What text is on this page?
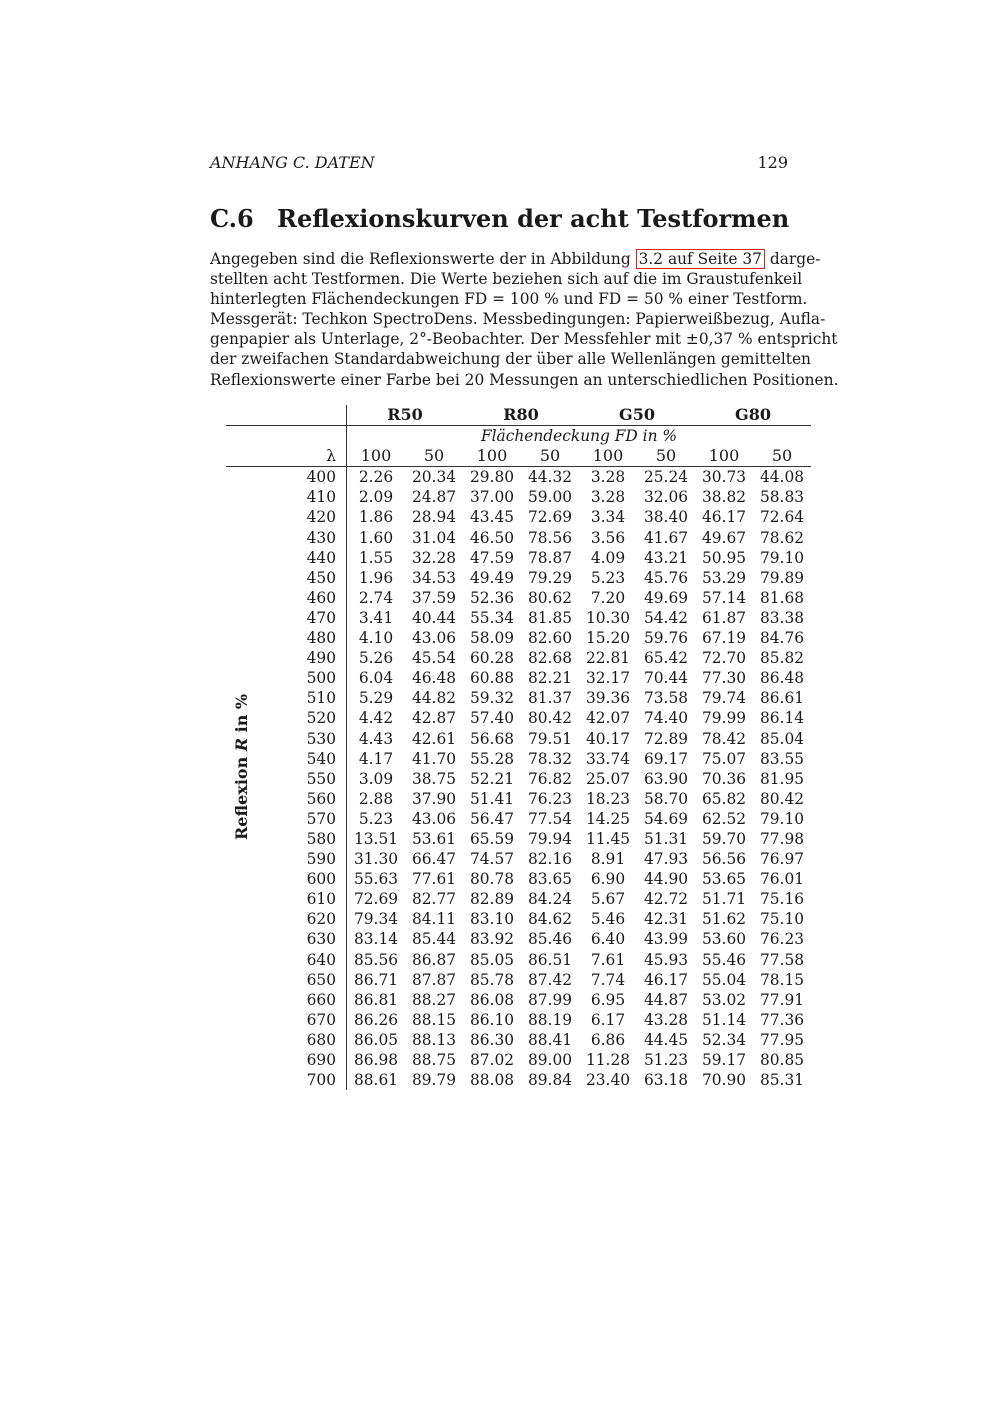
ANHANG C. DATEN	129
C.6 Reflexionskurven der acht Testformen
Angegeben sind die Reflexionswerte der in Abbildung 3.2 auf Seite 37 darge-
stellten acht Testformen. Die Werte beziehen sich auf die im Graustufenkeil
hinterlegten Flächendeckungen FD = 100 % und FD = 50 % einer Testform.
Messgerät: Techkon SpectroDens. Messbedingungen: Papierweißbezug, Aufla-
genpapier als Unterlage, 2°-Beobachter. Der Messfehler mit ±0,37 % entspricht
der zweifachen Standardabweichung der über alle Wellenlängen gemittelten
Reflexionswerte einer Farbe bei 20 Messungen an unterschiedlichen Positionen.
		R50		R80		G50		G80	
		Flächendeckung FD in %							
	λ	100	50	100	50	100	50	100	50
	400	2.26	20.34	29.80	44.32	3.28	25.24	30.73	44.08
	410	2.09	24.87	37.00	59.00	3.28	32.06	38.82	58.83
	420	1.86	28.94	43.45	72.69	3.34	38.40	46.17	72.64
	430	1.60	31.04	46.50	78.56	3.56	41.67	49.67	78.62
	440	1.55	32.28	47.59	78.87	4.09	43.21	50.95	79.10
	450	1.96	34.53	49.49	79.29	5.23	45.76	53.29	79.89
	460	2.74	37.59	52.36	80.62	7.20	49.69	57.14	81.68
	470	3.41	40.44	55.34	81.85	10.30	54.42	61.87	83.38
	480	4.10	43.06	58.09	82.60	15.20	59.76	67.19	84.76
	490	5.26	45.54	60.28	82.68	22.81	65.42	72.70	85.82
	500	6.04	46.48	60.88	82.21	32.17	70.44	77.30	86.48
	510	5.29	44.82	59.32	81.37	39.36	73.58	79.74	86.61
	520	4.42	42.87	57.40	80.42	42.07	74.40	79.99	86.14
	530	4.43	42.61	56.68	79.51	40.17	72.89	78.42	85.04
	540	4.17	41.70	55.28	78.32	33.74	69.17	75.07	83.55
	550	3.09	38.75	52.21	76.82	25.07	63.90	70.36	81.95
	560	2.88	37.90	51.41	76.23	18.23	58.70	65.82	80.42
	570	5.23	43.06	56.47	77.54	14.25	54.69	62.52	79.10
	580	13.51	53.61	65.59	79.94	11.45	51.31	59.70	77.98
	590	31.30	66.47	74.57	82.16	8.91	47.93	56.56	76.97
	600	55.63	77.61	80.78	83.65	6.90	44.90	53.65	76.01
	610	72.69	82.77	82.89	84.24	5.67	42.72	51.71	75.16
	620	79.34	84.11	83.10	84.62	5.46	42.31	51.62	75.10
	630	83.14	85.44	83.92	85.46	6.40	43.99	53.60	76.23
	640	85.56	86.87	85.05	86.51	7.61	45.93	55.46	77.58
	650	86.71	87.87	85.78	87.42	7.74	46.17	55.04	78.15
	660	86.81	88.27	86.08	87.99	6.95	44.87	53.02	77.91
	670	86.26	88.15	86.10	88.19	6.17	43.28	51.14	77.36
	680	86.05	88.13	86.30	88.41	6.86	44.45	52.34	77.95
	690	86.98	88.75	87.02	89.00	11.28	51.23	59.17	80.85
	700	88.61	89.79	88.08	89.84	23.40	63.18	70.90	85.31
Reflexion R in %
